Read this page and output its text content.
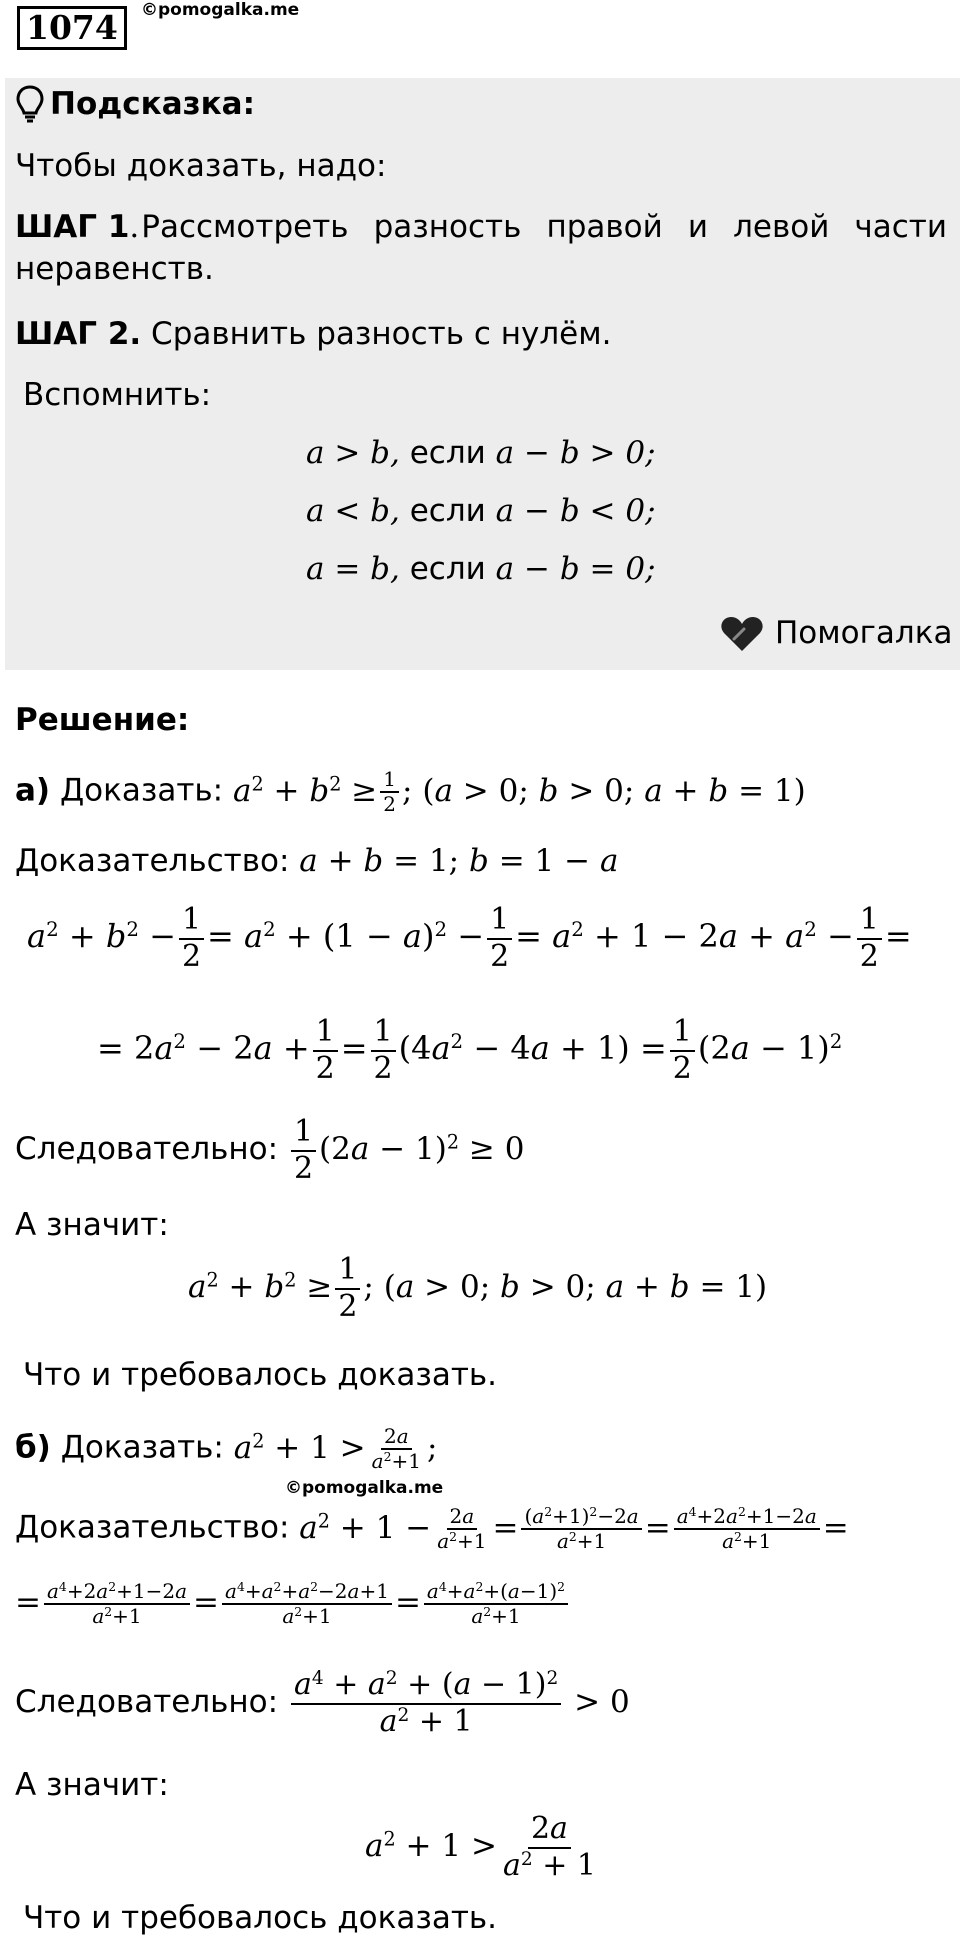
1074	©pomogalka.me
Подсказка:
Чтобы доказать, надо:
ШАГ 1. Рассмотреть разность правой и левой части
неравенств.
ШАГ 2. Сравнить разность с нулём.
Вспомнить:
a > b, если a − b > 0;
a < b, если a − b < 0;
a = b, если a − b = 0;
Помогалка
Решение:
а) Доказать: $a^2 + b^2 \ge \frac{1}{2}$ ; (a > 0; b > 0; a + b = 1)
Доказательство: a + b = 1; b = 1 − a
$a^2 + b^2 - \frac{1}{2} = a^2 + (1 - a)^2 - \frac{1}{2} = a^2 + 1 - 2a + a^2 - \frac{1}{2}$ =
= $2a^2 - 2a + \frac{1}{2} = \frac{1}{2} (4a^2 - 4a + 1) = \frac{1}{2} (2a - 1)^2$
Следовательно: $\frac{1}{2} (2a - 1)^2 \ge 0$
А значит:
$a^2 + b^2 \ge \frac{1}{2}$ ; (a > 0; b > 0; a + b = 1)
Что и требовалось доказать.
б) Доказать: $a^2 + 1 > \frac{2a}{a^2+1}$ ;
©pomogalka.me
Доказательство: $a^2 + 1 - \frac{2a}{a^2+1} = \frac{(a^2+1)^2-2a}{a^2+1} = \frac{a^4+2a^2+1-2a}{a^2+1}$ =
= $\frac{a^4+2a^2+1-2a}{a^2+1} = \frac{a^4+a^2+a^2-2a+1}{a^2+1} = \frac{a^4+a^2+(a-1)^2}{a^2+1}$
Следовательно: $\frac{a^4 + a^2 + (a - 1)^2}{a^2 + 1} > 0$
А значит:
$a^2 + 1 > \frac{2a}{a^2 + 1}$
Что и требовалось доказать.
